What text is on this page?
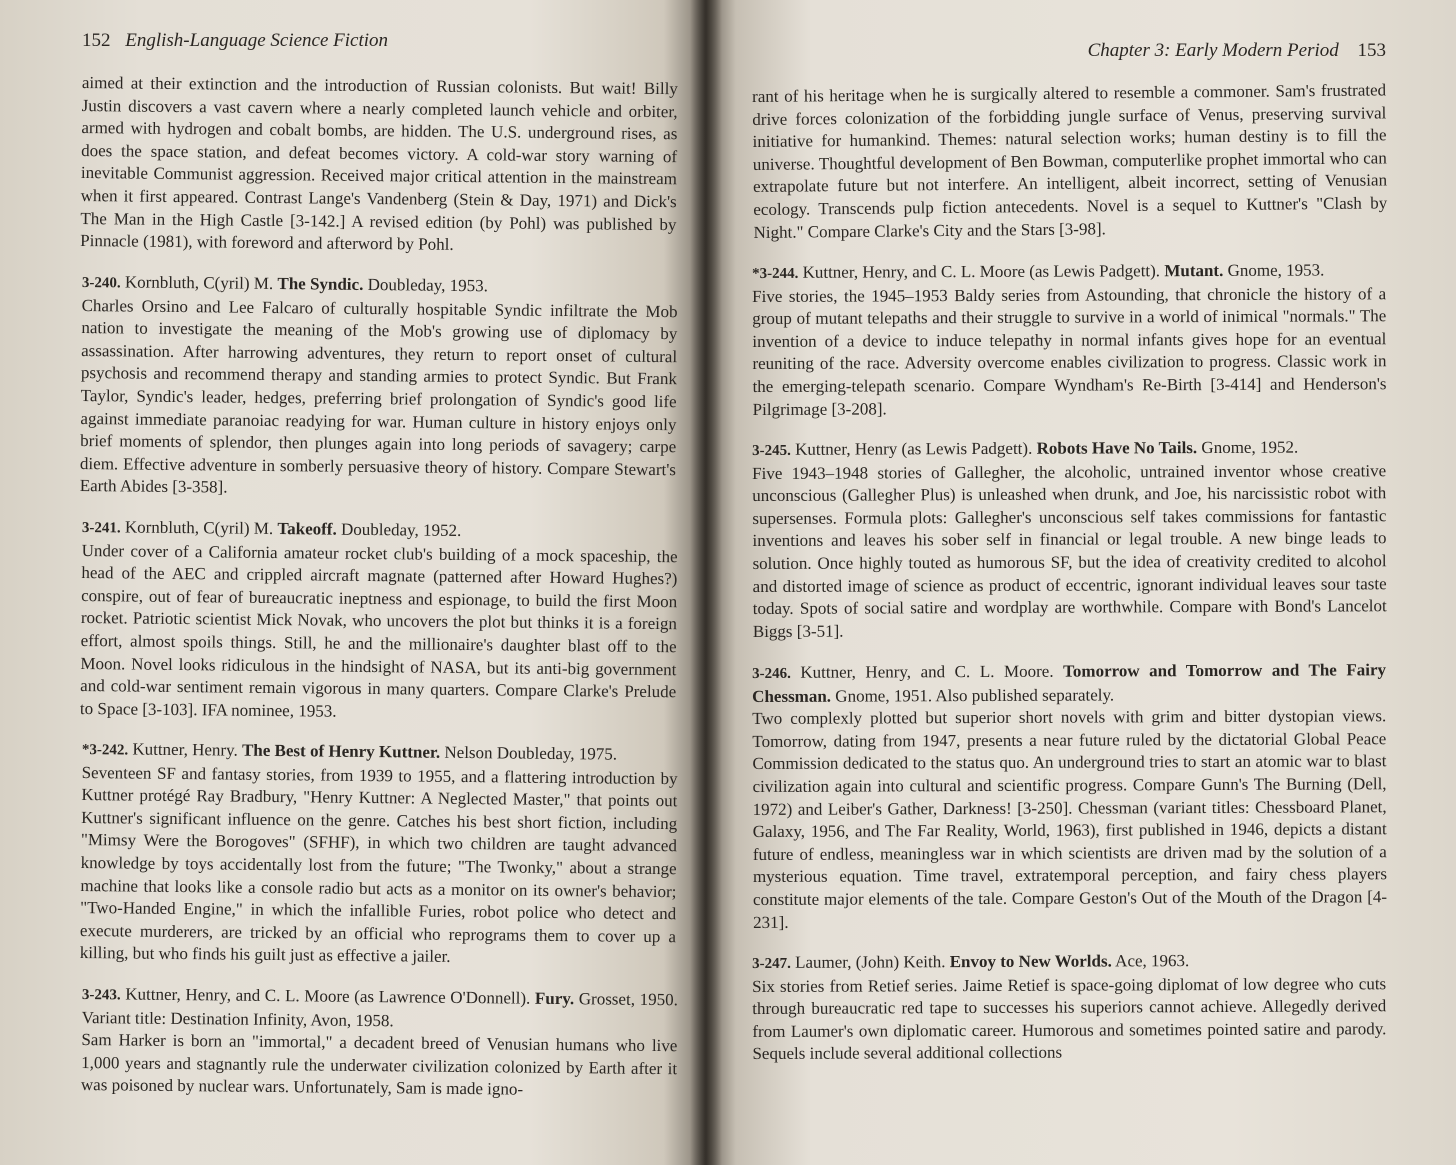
152 English-Language Science Fiction

aimed at their extinction and the introduction of Russian colonists. But wait! Billy Justin discovers a vast cavern where a nearly completed launch vehicle and orbiter, armed with hydrogen and cobalt bombs, are hidden. The U.S. underground rises, as does the space station, and defeat becomes victory. A cold-war story warning of inevitable Communist aggression. Received major critical attention in the mainstream when it first appeared. Contrast Lange's Vandenberg (Stein & Day, 1971) and Dick's The Man in the High Castle [3-142.] A revised edition (by Pohl) was published by Pinnacle (1981), with foreword and afterword by Pohl.

3-240. Kornbluth, C(yril) M. The Syndic. Doubleday, 1953.

Charles Orsino and Lee Falcaro of culturally hospitable Syndic infiltrate the Mob nation to investigate the meaning of the Mob's growing use of diplomacy by assassination. After harrowing adventures, they return to report onset of cultural psychosis and recommend therapy and standing armies to protect Syndic. But Frank Taylor, Syndic's leader, hedges, preferring brief prolongation of Syndic's good life against immediate paranoiac readying for war. Human culture in history enjoys only brief moments of splendor, then plunges again into long periods of savagery; carpe diem. Effective adventure in somberly persuasive theory of history. Compare Stewart's Earth Abides [3-358].

3-241. Kornbluth, C(yril) M. Takeoff. Doubleday, 1952.

Under cover of a California amateur rocket club's building of a mock spaceship, the head of the AEC and crippled aircraft magnate (patterned after Howard Hughes?) conspire, out of fear of bureaucratic ineptness and espionage, to build the first Moon rocket. Patriotic scientist Mick Novak, who uncovers the plot but thinks it is a foreign effort, almost spoils things. Still, he and the millionaire's daughter blast off to the Moon. Novel looks ridiculous in the hindsight of NASA, but its anti-big government and cold-war sentiment remain vigorous in many quarters. Compare Clarke's Prelude to Space [3-103]. IFA nominee, 1953.

*3-242. Kuttner, Henry. The Best of Henry Kuttner. Nelson Doubleday, 1975.

Seventeen SF and fantasy stories, from 1939 to 1955, and a flattering introduction by Kuttner protégé Ray Bradbury, "Henry Kuttner: A Neglected Master," that points out Kuttner's significant influence on the genre. Catches his best short fiction, including "Mimsy Were the Borogoves" (SFHF), in which two children are taught advanced knowledge by toys accidentally lost from the future; "The Twonky," about a strange machine that looks like a console radio but acts as a monitor on its owner's behavior; "Two-Handed Engine," in which the infallible Furies, robot police who detect and execute murderers, are tricked by an official who reprograms them to cover up a killing, but who finds his guilt just as effective a jailer.

3-243. Kuttner, Henry, and C. L. Moore (as Lawrence O'Donnell). Fury. Grosset, 1950. Variant title: Destination Infinity, Avon, 1958.

Sam Harker is born an "immortal," a decadent breed of Venusian humans who live 1,000 years and stagnantly rule the underwater civilization colonized by Earth after it was poisoned by nuclear wars. Unfortunately, Sam is made igno-

Chapter 3: Early Modern Period 153

rant of his heritage when he is surgically altered to resemble a commoner. Sam's frustrated drive forces colonization of the forbidding jungle surface of Venus, preserving survival initiative for humankind. Themes: natural selection works; human destiny is to fill the universe. Thoughtful development of Ben Bowman, computerlike prophet immortal who can extrapolate future but not interfere. An intelligent, albeit incorrect, setting of Venusian ecology. Transcends pulp fiction antecedents. Novel is a sequel to Kuttner's "Clash by Night." Compare Clarke's City and the Stars [3-98].

*3-244. Kuttner, Henry, and C. L. Moore (as Lewis Padgett). Mutant. Gnome, 1953.

Five stories, the 1945–1953 Baldy series from Astounding, that chronicle the history of a group of mutant telepaths and their struggle to survive in a world of inimical "normals." The invention of a device to induce telepathy in normal infants gives hope for an eventual reuniting of the race. Adversity overcome enables civilization to progress. Classic work in the emerging-telepath scenario. Compare Wyndham's Re-Birth [3-414] and Henderson's Pilgrimage [3-208].

3-245. Kuttner, Henry (as Lewis Padgett). Robots Have No Tails. Gnome, 1952.

Five 1943–1948 stories of Gallegher, the alcoholic, untrained inventor whose creative unconscious (Gallegher Plus) is unleashed when drunk, and Joe, his narcissistic robot with supersenses. Formula plots: Gallegher's unconscious self takes commissions for fantastic inventions and leaves his sober self in financial or legal trouble. A new binge leads to solution. Once highly touted as humorous SF, but the idea of creativity credited to alcohol and distorted image of science as product of eccentric, ignorant individual leaves sour taste today. Spots of social satire and wordplay are worthwhile. Compare with Bond's Lancelot Biggs [3-51].

3-246. Kuttner, Henry, and C. L. Moore. Tomorrow and Tomorrow and The Fairy Chessman. Gnome, 1951. Also published separately.

Two complexly plotted but superior short novels with grim and bitter dystopian views. Tomorrow, dating from 1947, presents a near future ruled by the dictatorial Global Peace Commission dedicated to the status quo. An underground tries to start an atomic war to blast civilization again into cultural and scientific progress. Compare Gunn's The Burning (Dell, 1972) and Leiber's Gather, Darkness! [3-250]. Chessman (variant titles: Chessboard Planet, Galaxy, 1956, and The Far Reality, World, 1963), first published in 1946, depicts a distant future of endless, meaningless war in which scientists are driven mad by the solution of a mysterious equation. Time travel, extratemporal perception, and fairy chess players constitute major elements of the tale. Compare Geston's Out of the Mouth of the Dragon [4-231].

3-247. Laumer, (John) Keith. Envoy to New Worlds. Ace, 1963.

Six stories from Retief series. Jaime Retief is space-going diplomat of low degree who cuts through bureaucratic red tape to successes his superiors cannot achieve. Allegedly derived from Laumer's own diplomatic career. Humorous and sometimes pointed satire and parody. Sequels include several additional collections
